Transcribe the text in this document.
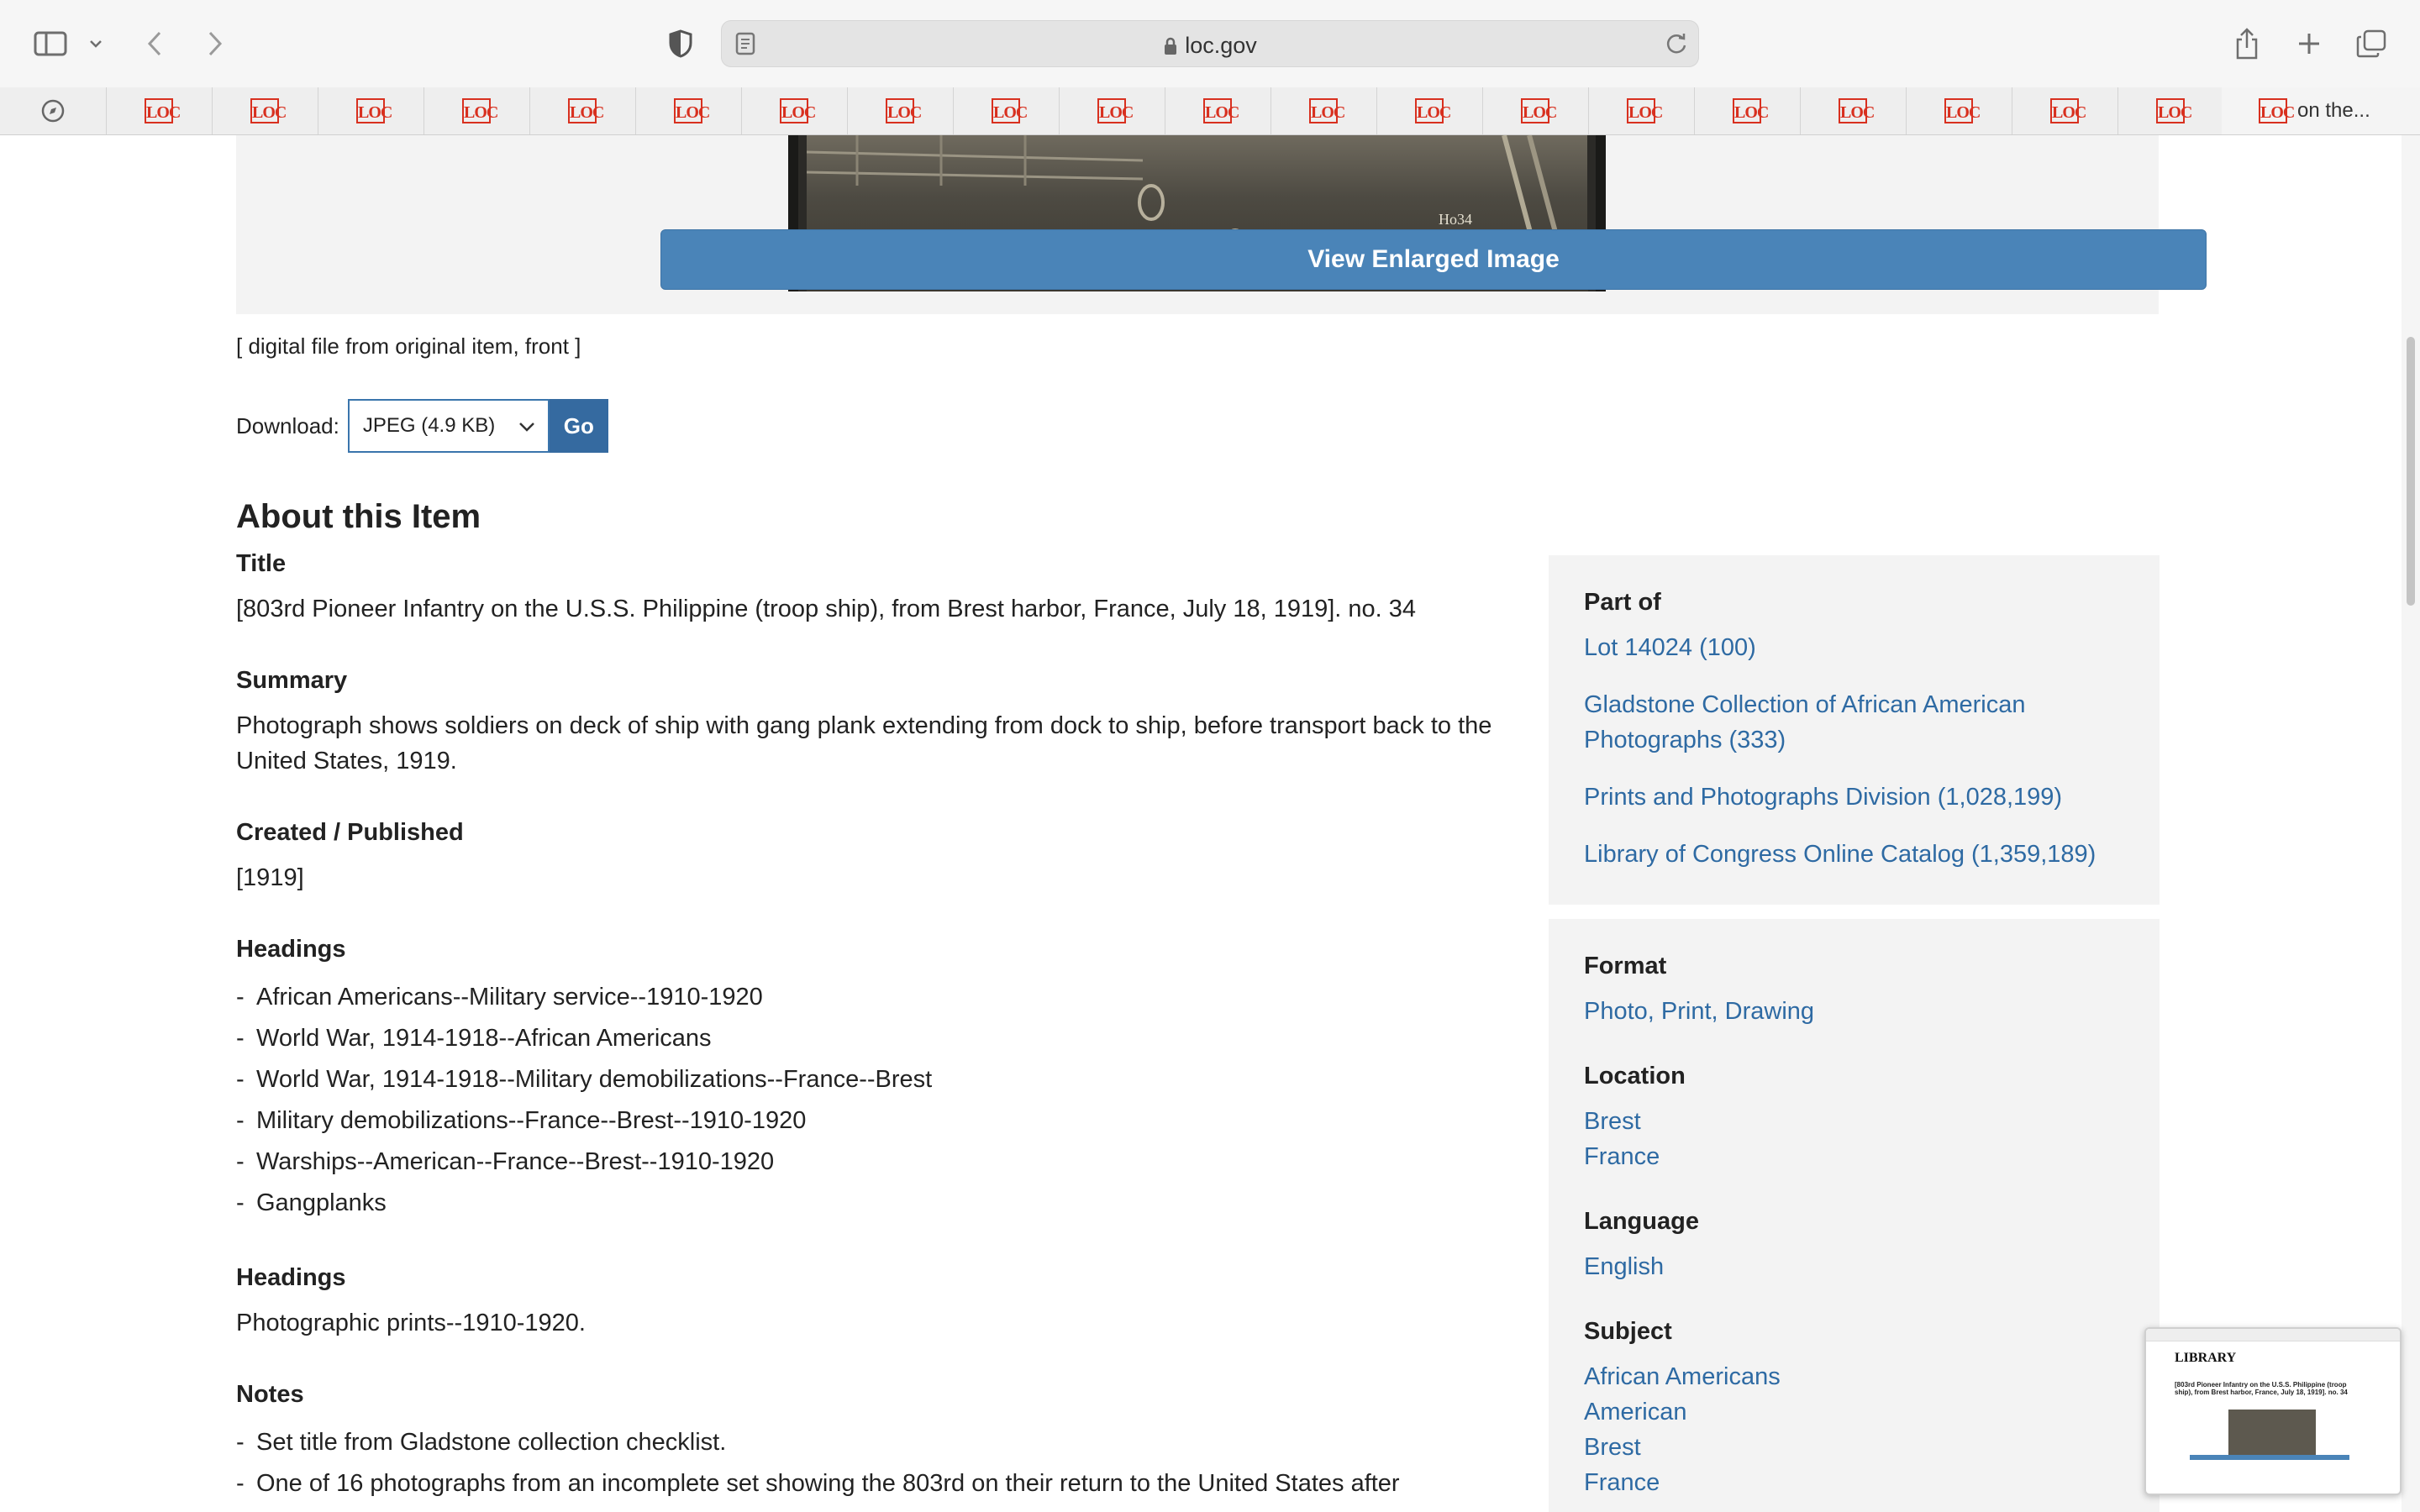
loc.gov
LOC	LOC	LOC	LOC	LOC	LOC	LOC	LOC	LOC	LOC	LOC	LOC	LOC	LOC	LOC	LOC	LOC	LOC	LOC	LOC	LOC on the...
Ho34
View Enlarged Image
[ digital file from original item, front ]
Download: JPEG (4.9 KB)	Go
About this Item
Title
[803rd Pioneer Infantry on the U.S.S. Philippine (troop ship), from Brest harbor, France, July 18, 1919]. no. 34
Summary
Photograph shows soldiers on deck of ship with gang plank extending from dock to ship, before transport back to the United States, 1919.
Created / Published
[1919]
Headings
- African Americans--Military service--1910-1920
- World War, 1914-1918--African Americans
- World War, 1914-1918--Military demobilizations--France--Brest
- Military demobilizations--France--Brest--1910-1920
- Warships--American--France--Brest--1910-1920
- Gangplanks
Headings
Photographic prints--1910-1920.
Notes
- Set title from Gladstone collection checklist.
- One of 16 photographs from an incomplete set showing the 803rd on their return to the United States after
Part of
Lot 14024 (100)
Gladstone Collection of African American Photographs (333)
Prints and Photographs Division (1,028,199)
Library of Congress Online Catalog (1,359,189)
Format
Photo, Print, Drawing
Location
Brest
France
Language
English
Subject
African Americans
American
Brest
France
LIBRARY
[803rd Pioneer Infantry on the U.S.S. Philippine (troop ship), from Brest harbor, France, July 18, 1919]. no. 34
